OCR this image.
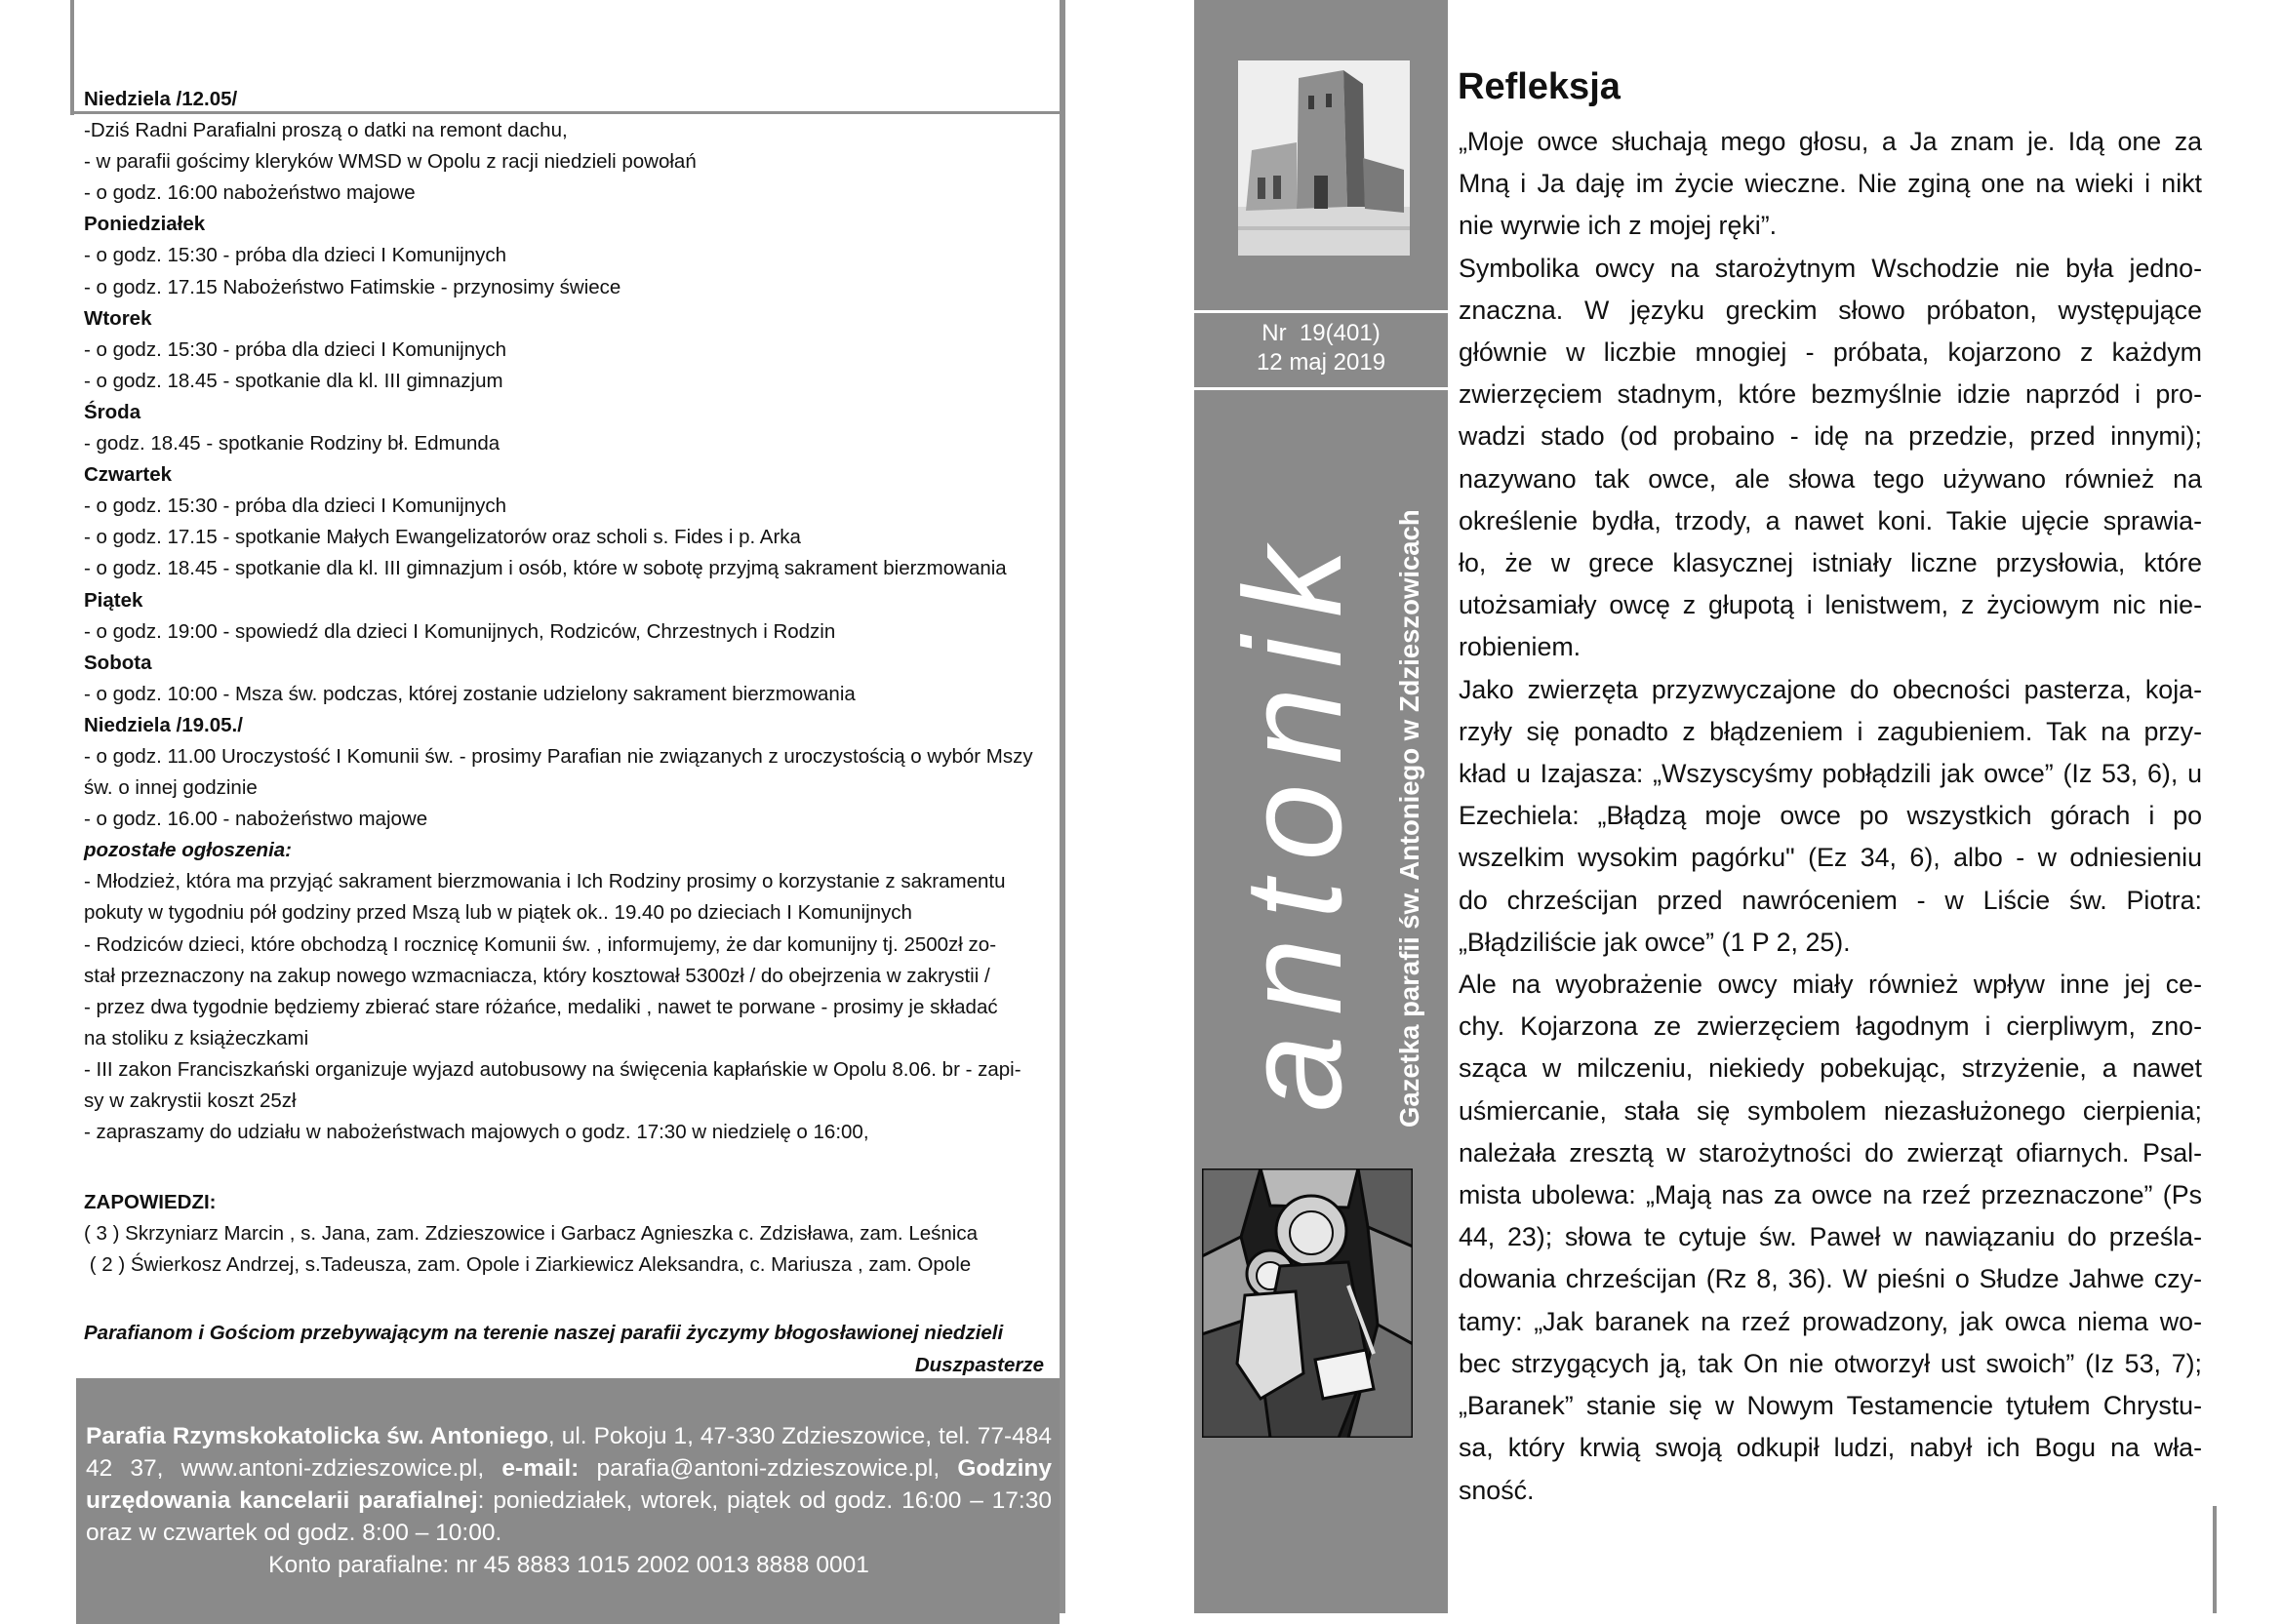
Niedziela /12.05/
-Dziś Radni Parafialni proszą o datki na remont dachu,
- w parafii gościmy kleryków WMSD w Opolu z racji niedzieli powołań
- o godz. 16:00 nabożeństwo majowe
Poniedziałek
- o godz. 15:30 - próba dla dzieci I Komunijnych
- o godz. 17.15 Nabożeństwo Fatimskie - przynosimy świece
Wtorek
- o godz. 15:30 - próba dla dzieci I Komunijnych
- o godz. 18.45 - spotkanie dla kl. III gimnazjum
Środa
- godz. 18.45 - spotkanie Rodziny bł. Edmunda
Czwartek
- o godz. 15:30 - próba dla dzieci I Komunijnych
- o godz. 17.15 - spotkanie Małych Ewangelizatorów oraz scholi s. Fides i p. Arka
- o godz. 18.45 - spotkanie dla kl. III gimnazjum i osób, które w sobotę przyjmą sakrament bierzmowania
Piątek
- o godz. 19:00 - spowiedź dla dzieci I Komunijnych, Rodziców, Chrzestnych i Rodzin
Sobota
- o godz. 10:00 - Msza św. podczas, której zostanie udzielony sakrament bierzmowania
Niedziela /19.05./
- o godz. 11.00 Uroczystość I Komunii św. - prosimy Parafian nie związanych z uroczystością o wybór Mszy
św. o innej godzinie
- o godz. 16.00 - nabożeństwo majowe
pozostałe ogłoszenia:
- Młodzież, która ma przyjąć sakrament bierzmowania i Ich Rodziny prosimy o korzystanie z sakramentu
pokuty w tygodniu pół godziny przed Mszą lub w piątek ok.. 19.40 po dzieciach I Komunijnych
- Rodziców dzieci, które obchodzą I rocznicę Komunii św. , informujemy, że dar komunijny tj. 2500zł zo-
stał przeznaczony na zakup nowego wzmacniacza, który kosztował 5300zł / do obejrzenia w zakrystii /
- przez dwa tygodnie będziemy zbierać stare różańce, medaliki , nawet te porwane - prosimy je składać
na stoliku z książeczkami
- III zakon Franciszkański organizuje wyjazd autobusowy na święcenia kapłańskie w Opolu 8.06. br - zapi-
sy w zakrystii koszt 25zł
- zapraszamy do udziału w nabożeństwach majowych o godz. 17:30 w niedzielę o 16:00,
ZAPOWIEDZI:
( 3 ) Skrzyniarz Marcin , s. Jana, zam. Zdzieszowice i Garbacz Agnieszka c. Zdzisława, zam. Leśnica
( 2 ) Świerkosz Andrzej, s.Tadeusza, zam. Opole i Ziarkiewicz Aleksandra, c. Mariusza , zam. Opole
Parafianom i Gościom przebywającym na terenie naszej parafii życzymy błogosławionej niedzieli
Duszpasterze
Parafia Rzymskokatolicka św. Antoniego, ul. Pokoju 1, 47-330 Zdzieszowice, tel. 77-484 42 37, www.antoni-zdzieszowice.pl, e-mail: parafia@antoni-zdzieszowice.pl, Godziny urzędowania kancelarii parafialnej: poniedziałek, wtorek, piątek od godz. 16:00 – 17:30 oraz w czwartek od godz. 8:00 – 10:00.
Konto parafialne: nr 45 8883 1015 2002 0013 8888 0001
Nr  19(401)
12 maj 2019
antonik Gazetka parafii św. Antoniego w Zdzieszowicach
Refleksja
„Moje owce słuchają mego głosu, a Ja znam je. Idą one za
Mną i Ja daję im życie wieczne. Nie zginą one na wieki i nikt
nie wyrwie ich z mojej ręki”.
Symbolika owcy na starożytnym Wschodzie nie była jedno-
znaczna. W języku greckim słowo próbaton, występujące
głównie w liczbie mnogiej - próbata, kojarzono z każdym
zwierzęciem stadnym, które bezmyślnie idzie naprzód i pro-
wadzi stado (od probaino - idę na przedzie, przed innymi);
nazywano tak owce, ale słowa tego używano również na
określenie bydła, trzody, a nawet koni. Takie ujęcie sprawia-
ło, że w grece klasycznej istniały liczne przysłowia, które
utożsamiały owcę z głupotą i lenistwem, z życiowym nic nie-
robieniem.
Jako zwierzęta przyzwyczajone do obecności pasterza, koja-
rzyły się ponadto z błądzeniem i zagubieniem. Tak na przy-
kład u Izajasza: „Wszyscyśmy pobłądzili jak owce” (Iz 53, 6), u
Ezechiela: „Błądzą moje owce po wszystkich górach i po
wszelkim wysokim pagórku" (Ez 34, 6), albo - w odniesieniu
do chrześcijan przed nawróceniem - w Liście św. Piotra:
„Błądziliście jak owce” (1 P 2, 25).
Ale na wyobrażenie owcy miały również wpływ inne jej ce-
chy. Kojarzona ze zwierzęciem łagodnym i cierpliwym, zno-
sząca w milczeniu, niekiedy pobekując, strzyżenie, a nawet
uśmiercanie, stała się symbolem niezasłużonego cierpienia;
należała zresztą w starożytności do zwierząt ofiarnych. Psal-
mista ubolewa: „Mają nas za owce na rzeź przeznaczone” (Ps
44, 23); słowa te cytuje św. Paweł w nawiązaniu do prześla-
dowania chrześcijan (Rz 8, 36). W pieśni o Słudze Jahwe czy-
tamy: „Jak baranek na rzeź prowadzony, jak owca niema wo-
bec strzygących ją, tak On nie otworzył ust swoich” (Iz 53, 7);
„Baranek” stanie się w Nowym Testamencie tytułem Chrystu-
sa, który krwią swoją odkupił ludzi, nabył ich Bogu na wła-
sność.
